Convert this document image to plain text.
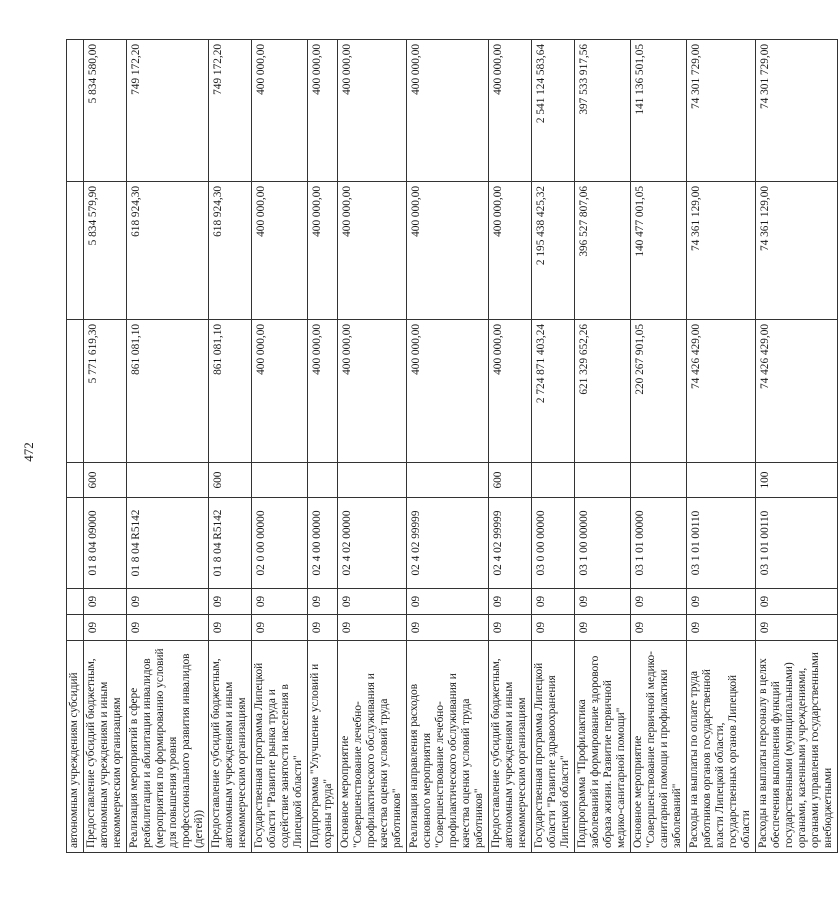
472
автономным учреждениям субсидий							
Предоставление субсидий бюджетным, автономным учреждениям и иным некоммерческим организациям	09	09	01 8 04 09000	600	5 771 619,30	5 834 579,90	5 834 580,00
Реализация мероприятий в сфере реабилитации и абилитации инвалидов (мероприятия по формированию условий для повышения уровня профессионального развития инвалидов (детей))	09	09	01 8 04 R5142		861 081,10	618 924,30	749 172,20
Предоставление субсидий бюджетным, автономным учреждениям и иным некоммерческим организациям	09	09	01 8 04 R5142	600	861 081,10	618 924,30	749 172,20
Государственная программа Липецкой области "Развитие рынка труда и содействие занятости населения в Липецкой области"	09	09	02 0 00 00000		400 000,00	400 000,00	400 000,00
Подпрограмма "Улучшение условий и охраны труда"	09	09	02 4 00 00000		400 000,00	400 000,00	400 000,00
Основное мероприятие "Совершенствование лечебно-профилактического обслуживания и качества оценки условий труда работников"	09	09	02 4 02 00000		400 000,00	400 000,00	400 000,00
Реализация направления расходов основного мероприятия "Совершенствование лечебно-профилактического обслуживания и качества оценки условий труда работников"	09	09	02 4 02 99999		400 000,00	400 000,00	400 000,00
Предоставление субсидий бюджетным, автономным учреждениям и иным некоммерческим организациям	09	09	02 4 02 99999	600	400 000,00	400 000,00	400 000,00
Государственная программа Липецкой области "Развитие здравоохранения Липецкой области"	09	09	03 0 00 00000		2 724 871 403,24	2 195 438 425,32	2 541 124 583,64
Подпрограмма "Профилактика заболеваний и формирование здорового образа жизни. Развитие первичной медико-санитарной помощи"	09	09	03 1 00 00000		621 329 652,26	396 527 807,06	397 533 917,56
Основное мероприятие "Совершенствование первичной медико-санитарной помощи и профилактики заболеваний"	09	09	03 1 01 00000		220 267 901,05	140 477 001,05	141 136 501,05
Расходы на выплаты по оплате труда работников органов государственной власти Липецкой области, государственных органов Липецкой области	09	09	03 1 01 00110		74 426 429,00	74 361 129,00	74 301 729,00
Расходы на выплаты персоналу в целях обеспечения выполнения функций государственными (муниципальными) органами, казенными учреждениями, органами управления государственными внебюджетными	09	09	03 1 01 00110	100	74 426 429,00	74 361 129,00	74 301 729,00
